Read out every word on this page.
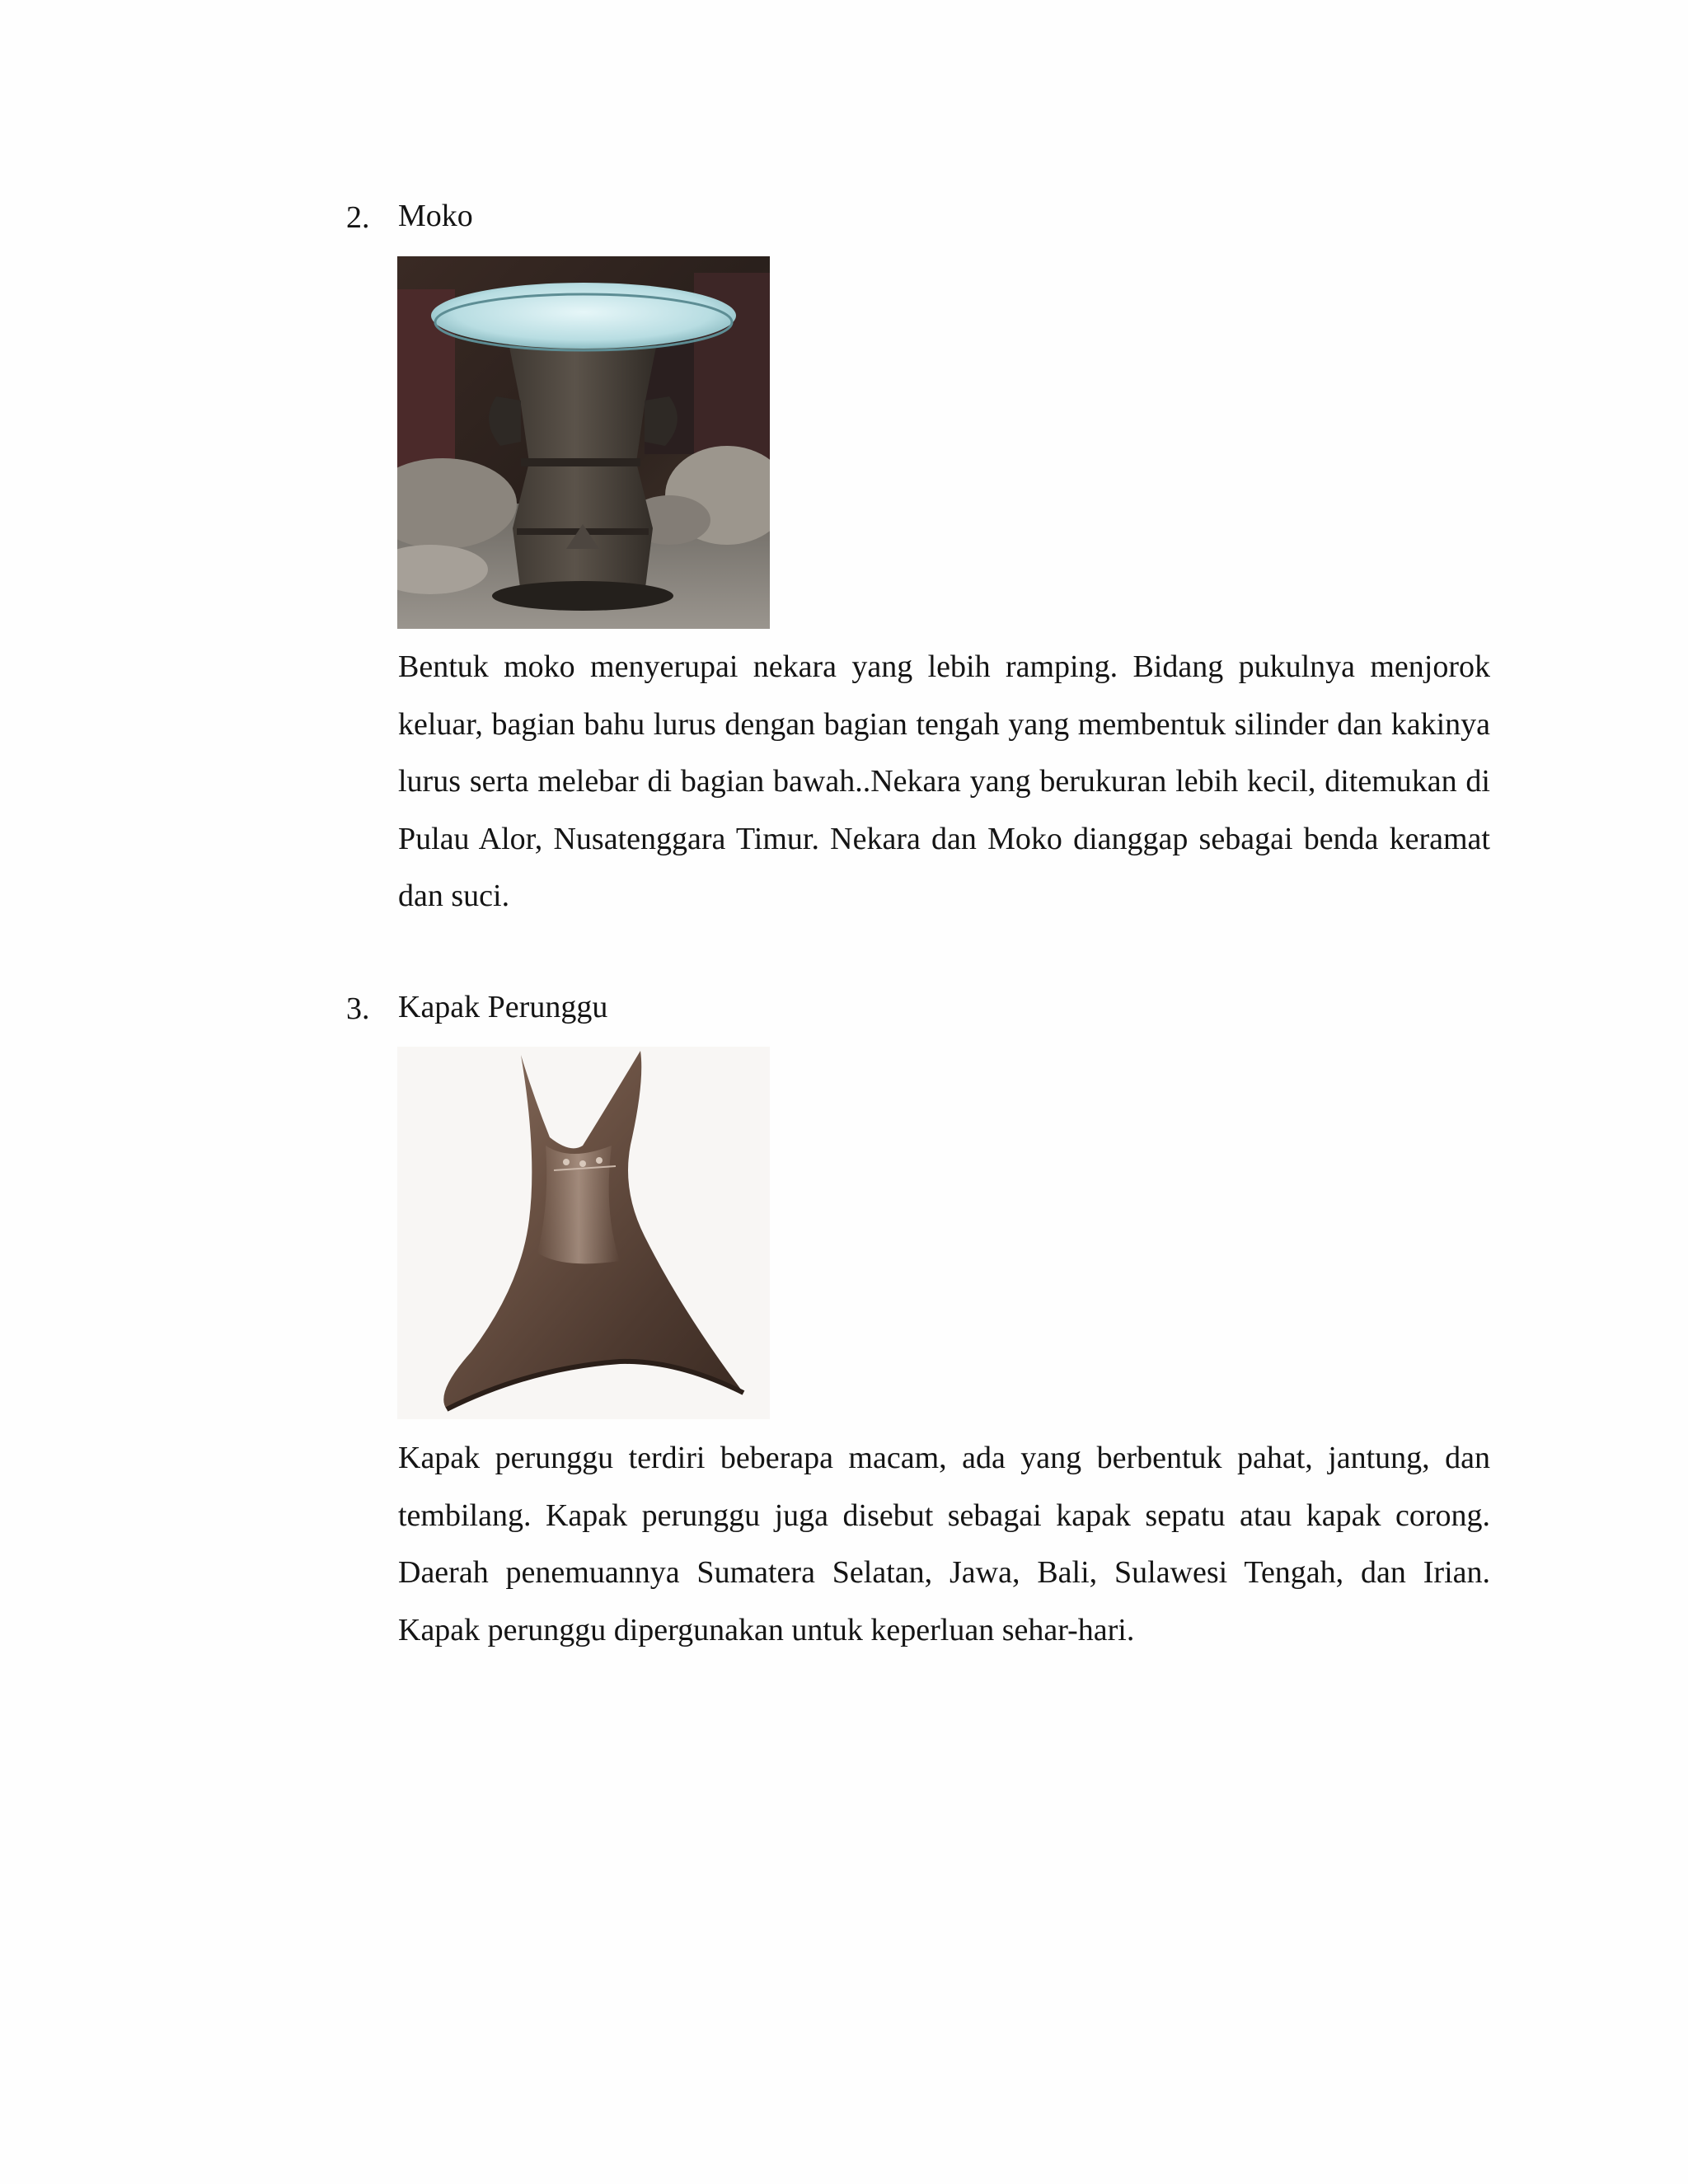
2. Moko

Bentuk moko menyerupai nekara yang lebih ramping. Bidang pukulnya menjorok keluar, bagian bahu lurus dengan bagian tengah yang membentuk silinder dan kakinya lurus serta melebar di bagian bawah..Nekara yang berukuran lebih kecil, ditemukan di Pulau Alor, Nusatenggara Timur. Nekara dan Moko dianggap sebagai benda keramat dan suci.

3. Kapak Perunggu

Kapak perunggu terdiri beberapa macam, ada yang berbentuk pahat, jantung, dan tembilang. Kapak perunggu juga disebut sebagai kapak sepatu atau kapak corong. Daerah penemuannya Sumatera Selatan, Jawa, Bali, Sulawesi Tengah, dan Irian. Kapak perunggu dipergunakan untuk keperluan sehar-hari.
